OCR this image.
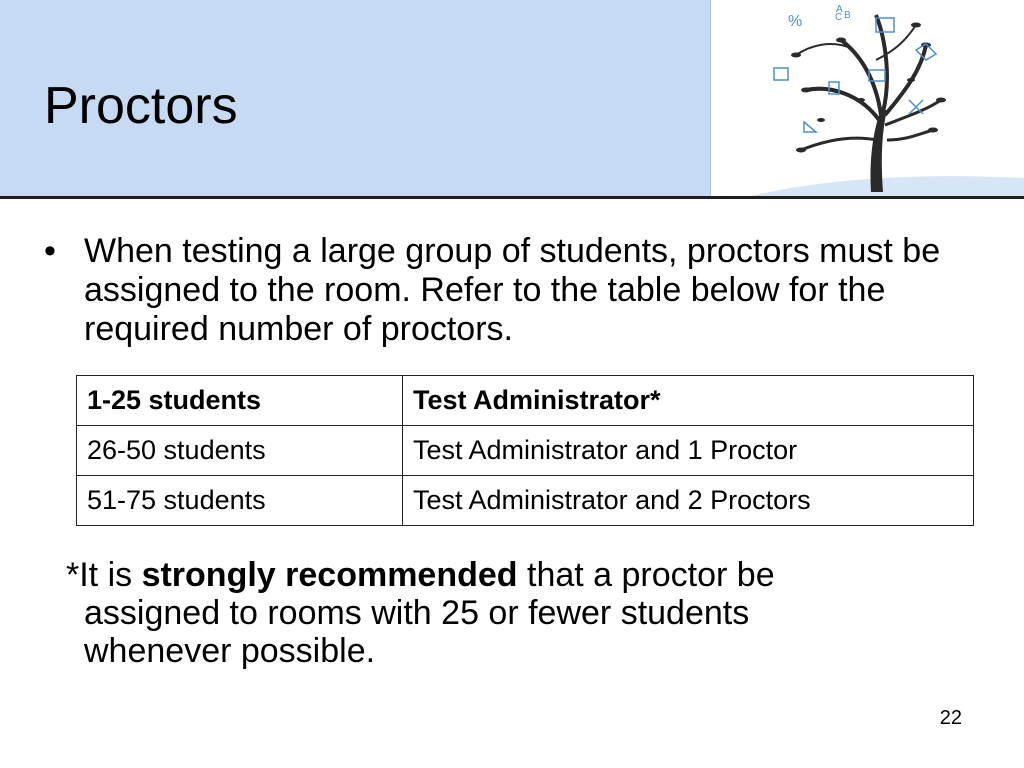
Proctors
%
A
B
C
• When testing a large group of students, proctors must be assigned to the room. Refer to the table below for the required number of proctors.
1-25 students	Test Administrator*
26-50 students	Test Administrator and 1 Proctor
51-75 students	Test Administrator and 2 Proctors
*It is strongly recommended that a proctor be
assigned to rooms with 25 or fewer students
whenever possible.
22
